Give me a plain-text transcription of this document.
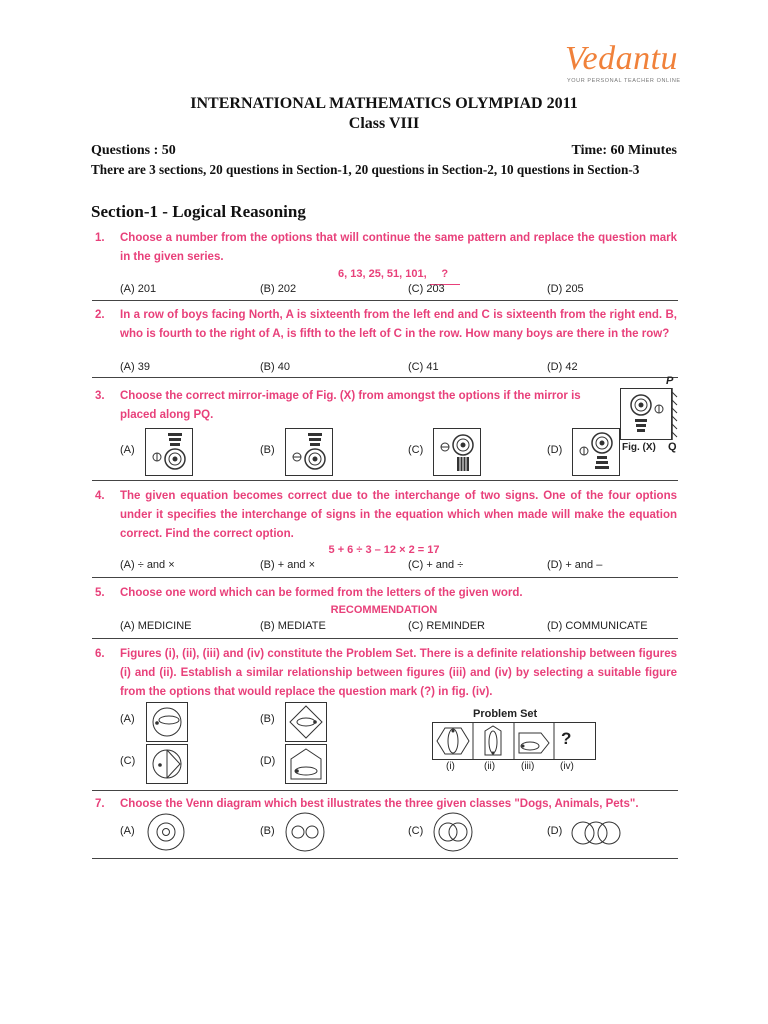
Vedantu
YOUR PERSONAL TEACHER ONLINE
INTERNATIONAL MATHEMATICS OLYMPIAD 2011
Class VIII
Questions : 50	Time: 60 Minutes
There are 3 sections, 20 questions in Section-1, 20 questions in Section-2, 10 questions in Section-3
Section-1 - Logical Reasoning
1. Choose a number from the options that will continue the same pattern and replace the question mark in the given series.
6, 13, 25, 51, 101, ?
(A) 201	(B) 202	(C) 203	(D) 205
2. In a row of boys facing North, A is sixteenth from the left end and C is sixteenth from the right end. B, who is fourth to the right of A, is fifth to the left of C in the row. How many boys are there in the row?
(A) 39	(B) 40	(C) 41	(D) 42
3. Choose the correct mirror-image of Fig. (X) from amongst the options if the mirror is placed along PQ.
(A)	(B)	(C)	(D)
P
Fig. (X) Q
4. The given equation becomes correct due to the interchange of two signs. One of the four options under it specifies the interchange of signs in the equation which when made will make the equation correct. Find the correct option.
5 + 6 ÷ 3 – 12 × 2 = 17
(A) ÷ and ×	(B) + and ×	(C) + and ÷	(D) + and –
5. Choose one word which can be formed from the letters of the given word.
RECOMMENDATION
(A) MEDICINE	(B) MEDIATE	(C) REMINDER	(D) COMMUNICATE
6. Figures (i), (ii), (iii) and (iv) constitute the Problem Set. There is a definite relationship between figures (i) and (ii). Establish a similar relationship between figures (iii) and (iv) by selecting a suitable figure from the options that would replace the question mark (?) in fig. (iv).
(A)	(B)
(C)	(D)
Problem Set
?
(i)	(ii)	(iii)	(iv)
7. Choose the Venn diagram which best illustrates the three given classes "Dogs, Animals, Pets".
(A)	(B)	(C)	(D)
